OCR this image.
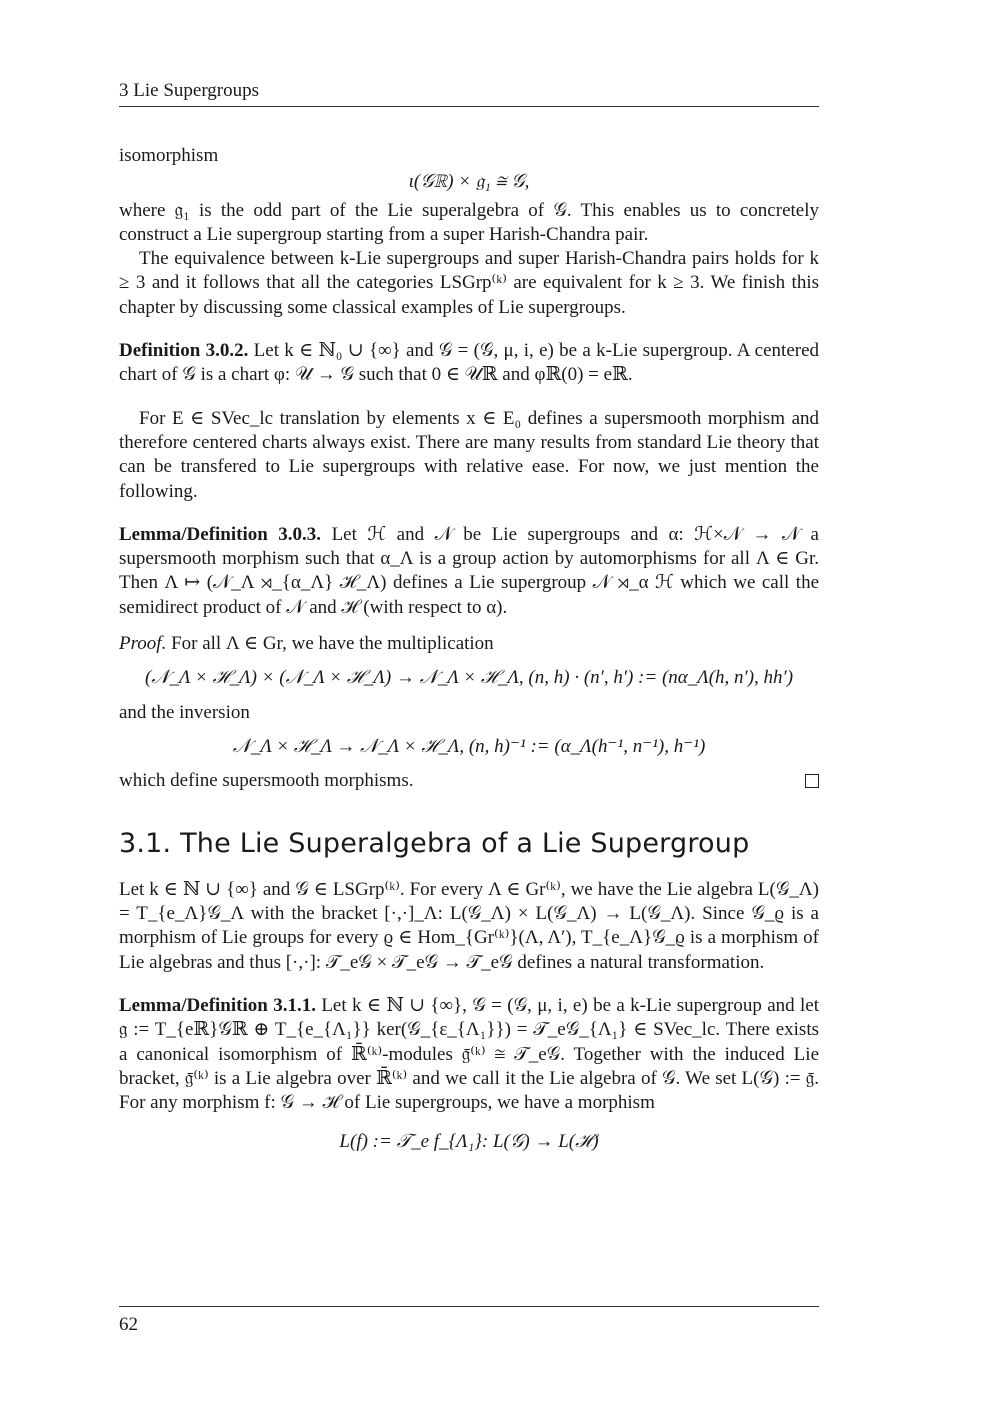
3 Lie Supergroups

isomorphism

ι(𝒢ℝ) × 𝔤₁ ≅ 𝒢,

where 𝔤₁ is the odd part of the Lie superalgebra of 𝒢. This enables us to concretely construct a Lie supergroup starting from a super Harish-Chandra pair.

The equivalence between k-Lie supergroups and super Harish-Chandra pairs holds for k ≥ 3 and it follows that all the categories LSGrp⁽ᵏ⁾ are equivalent for k ≥ 3. We finish this chapter by discussing some classical examples of Lie supergroups.

Definition 3.0.2. Let k ∈ ℕ₀ ∪ {∞} and 𝒢 = (𝒢, μ, i, e) be a k-Lie supergroup. A centered chart of 𝒢 is a chart φ: 𝒰 → 𝒢 such that 0 ∈ 𝒰ℝ and φℝ(0) = eℝ.

For E ∈ SVec_lc translation by elements x ∈ E₀ defines a supersmooth morphism and therefore centered charts always exist. There are many results from standard Lie theory that can be transfered to Lie supergroups with relative ease. For now, we just mention the following.

Lemma/Definition 3.0.3. Let ℋ and 𝒩 be Lie supergroups and α: ℋ×𝒩 → 𝒩 a supersmooth morphism such that α_Λ is a group action by automorphisms for all Λ ∈ Gr. Then Λ ↦ (𝒩_Λ ⋊_{α_Λ} ℋ_Λ) defines a Lie supergroup 𝒩 ⋊_α ℋ which we call the semidirect product of 𝒩 and ℋ (with respect to α).

Proof. For all Λ ∈ Gr, we have the multiplication

(𝒩_Λ × ℋ_Λ) × (𝒩_Λ × ℋ_Λ) → 𝒩_Λ × ℋ_Λ, (n, h) · (n′, h′) := (nα_Λ(h, n′), hh′)

and the inversion

𝒩_Λ × ℋ_Λ → 𝒩_Λ × ℋ_Λ, (n, h)⁻¹ := (α_Λ(h⁻¹, n⁻¹), h⁻¹)

which define supersmooth morphisms.

3.1. The Lie Superalgebra of a Lie Supergroup

Let k ∈ ℕ ∪ {∞} and 𝒢 ∈ LSGrp⁽ᵏ⁾. For every Λ ∈ Gr⁽ᵏ⁾, we have the Lie algebra L(𝒢_Λ) = T_{e_Λ}𝒢_Λ with the bracket [·,·]_Λ: L(𝒢_Λ) × L(𝒢_Λ) → L(𝒢_Λ). Since 𝒢_ϱ is a morphism of Lie groups for every ϱ ∈ Hom_{Gr⁽ᵏ⁾}(Λ, Λ′), T_{e_Λ}𝒢_ϱ is a morphism of Lie algebras and thus [·,·]: 𝒯_e𝒢 × 𝒯_e𝒢 → 𝒯_e𝒢 defines a natural transformation.

Lemma/Definition 3.1.1. Let k ∈ ℕ ∪ {∞}, 𝒢 = (𝒢, μ, i, e) be a k-Lie supergroup and let 𝔤 := T_{eℝ}𝒢ℝ ⊕ T_{e_{Λ₁}} ker(𝒢_{ε_{Λ₁}}) = 𝒯_e𝒢_{Λ₁} ∈ SVec_lc. There exists a canonical isomorphism of ℝ̄⁽ᵏ⁾-modules 𝔤̄⁽ᵏ⁾ ≅ 𝒯_e𝒢. Together with the induced Lie bracket, 𝔤̄⁽ᵏ⁾ is a Lie algebra over ℝ̄⁽ᵏ⁾ and we call it the Lie algebra of 𝒢. We set L(𝒢) := 𝔤̄. For any morphism f: 𝒢 → ℋ of Lie supergroups, we have a morphism

L(f) := 𝒯_e f_{Λ₁}: L(𝒢) → L(ℋ)

62
